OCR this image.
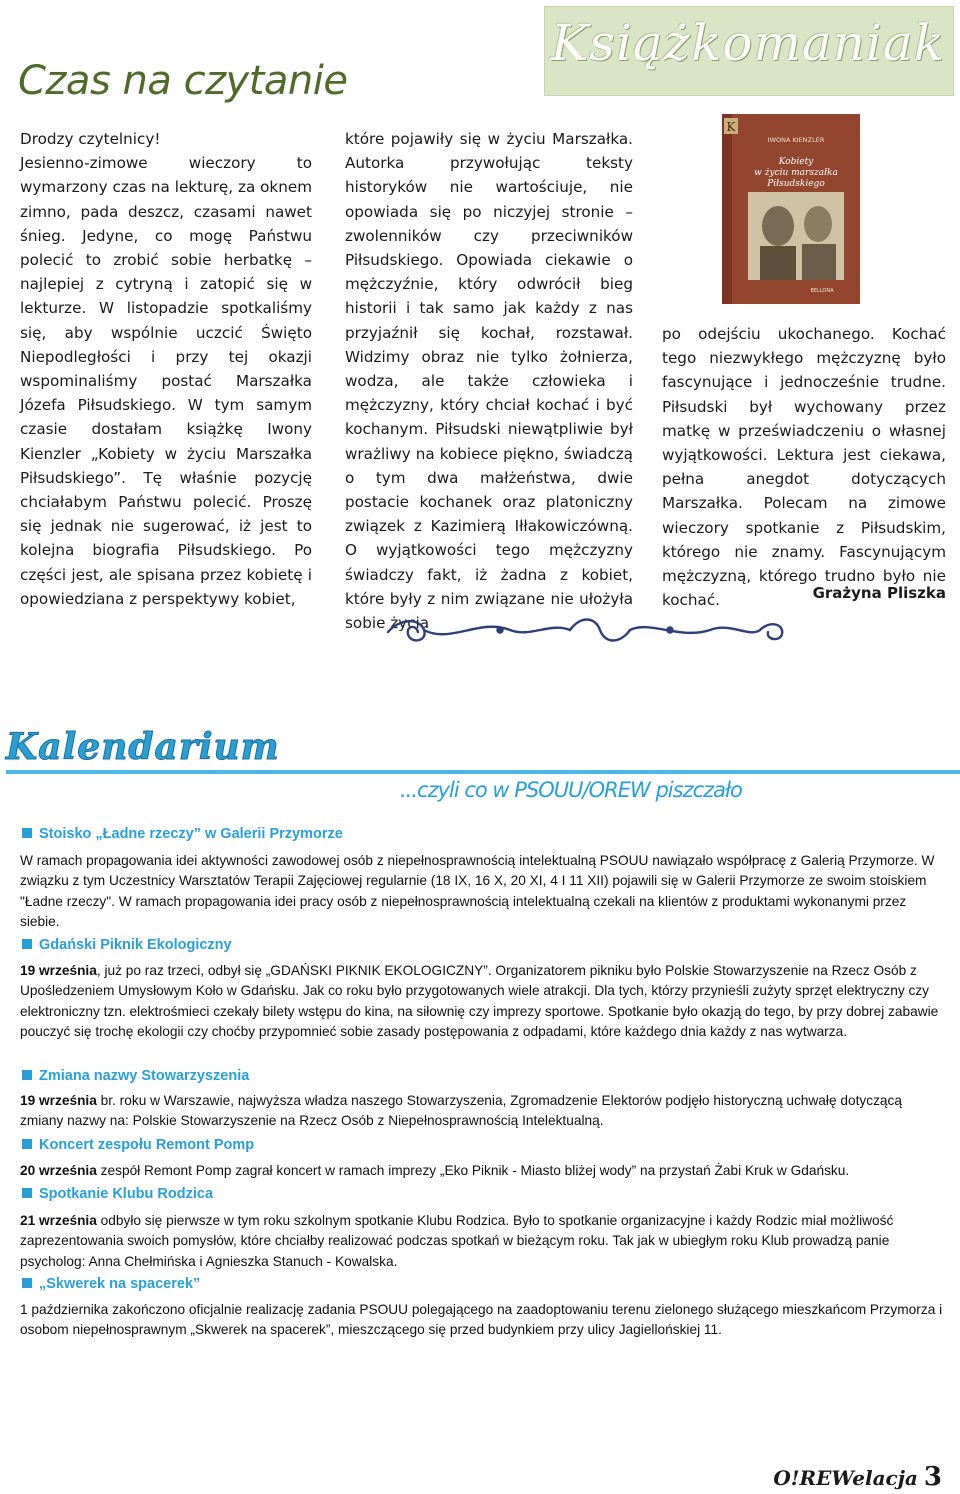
Czas na czytanie
Książkomaniak

Drodzy czytelnicy!
Jesienno-zimowe wieczory to wymarzony czas na lekturę, za oknem zimno, pada deszcz, czasami nawet śnieg. Jedyne, co mogę Państwu polecić to zrobić sobie herbatkę – najlepiej z cytryną i zatopić się w lekturze. W listopadzie spotkaliśmy się, aby wspólnie uczcić Święto Niepodległości i przy tej okazji wspominaliśmy postać Marszałka Józefa Piłsudskiego. W tym samym czasie dostałam książkę Iwony Kienzler „Kobiety w życiu Marszałka Piłsudskiego”. Tę właśnie pozycję chciałabym Państwu polecić. Proszę się jednak nie sugerować, iż jest to kolejna biografia Piłsudskiego. Po części jest, ale spisana przez kobietę i opowiedziana z perspektywy kobiet,

które pojawiły się w życiu Marszałka. Autorka przywołując teksty historyków nie wartościuje, nie opowiada się po niczyjej stronie – zwolenników czy przeciwników Piłsudskiego. Opowiada ciekawie o mężczyźnie, który odwrócił bieg historii i tak samo jak każdy z nas przyjaźnił się kochał, rozstawał. Widzimy obraz nie tylko żołnierza, wodza, ale także człowieka i mężczyzny, który chciał kochać i być kochanym. Piłsudski niewątpliwie był wrażliwy na kobiece piękno, świadczą o tym dwa małżeństwa, dwie postacie kochanek oraz platoniczny związek z Kazimierą Iłłakowiczówną. O wyjątkowości tego mężczyzny świadczy fakt, iż żadna z kobiet, które były z nim związane nie ułożyła sobie życia

po odejściu ukochanego. Kochać tego niezwykłego mężczyznę było fascynujące i jednocześnie trudne. Piłsudski był wychowany przez matkę w przeświadczeniu o własnej wyjątkowości. Lektura jest ciekawa, pełna anegdot dotyczących Marszałka. Polecam na zimowe wieczory spotkanie z Piłsudskim, którego nie znamy. Fascynującym mężczyzną, którego trudno było nie kochać.	Grażyna Pliszka
K
IWONA KIENZLER
Kobiety w życiu marszałka Piłsudskiego
BELLONA
Kalendarium
...czyli co w PSOUU/OREW piszczało
Stoisko „Ładne rzeczy” w Galerii Przymorze
W ramach propagowania idei aktywności zawodowej osób z niepełnosprawnością intelektualną PSOUU nawiązało współpracę z Galerią Przymorze. W związku z tym Uczestnicy Warsztatów Terapii Zajęciowej regularnie (18 IX, 16 X, 20 XI, 4 I 11 XII) pojawili się w Galerii Przymorze ze swoim stoiskiem "Ładne rzeczy". W ramach propagowania idei pracy osób z niepełnosprawnością intelektualną czekali na klientów z produktami wykonanymi przez siebie.
Gdański Piknik Ekologiczny
19 września, już po raz trzeci, odbył się „GDAŃSKI PIKNIK EKOLOGICZNY”. Organizatorem pikniku było Polskie Stowarzyszenie na Rzecz Osób z Upośledzeniem Umysłowym Koło w Gdańsku. Jak co roku było przygotowanych wiele atrakcji. Dla tych, którzy przynieśli zużyty sprzęt elektryczny czy elektroniczny tzn. elektrośmieci czekały bilety wstępu do kina, na siłownię czy imprezy sportowe. Spotkanie było okazją do tego, by przy dobrej zabawie pouczyć się trochę ekologii czy choćby przypomnieć sobie zasady postępowania z odpadami, które każdego dnia każdy z nas wytwarza.
Zmiana nazwy Stowarzyszenia
19 września br. roku w Warszawie, najwyższa władza naszego Stowarzyszenia, Zgromadzenie Elektorów podjęło historyczną uchwałę dotyczącą zmiany nazwy na: Polskie Stowarzyszenie na Rzecz Osób z Niepełnosprawnością Intelektualną.
Koncert zespołu Remont Pomp
20 września zespół Remont Pomp zagrał koncert w ramach imprezy „Eko Piknik - Miasto bliżej wody” na przystań Żabi Kruk w Gdańsku.
Spotkanie Klubu Rodzica
21 września odbyło się pierwsze w tym roku szkolnym spotkanie Klubu Rodzica. Było to spotkanie organizacyjne i każdy Rodzic miał możliwość zaprezentowania swoich pomysłów, które chciałby realizować podczas spotkań w bieżącym roku. Tak jak w ubiegłym roku Klub prowadzą panie psycholog: Anna Chełmińska i Agnieszka Stanuch - Kowalska.
„Skwerek na spacerek”
1 października zakończono oficjalnie realizację zadania PSOUU polegającego na zaadoptowaniu terenu zielonego służącego mieszkańcom Przymorza i osobom niepełnosprawnym „Skwerek na spacerek”, mieszczącego się przed budynkiem przy ulicy Jagiellońskiej 11.
O!REWelacja 3
